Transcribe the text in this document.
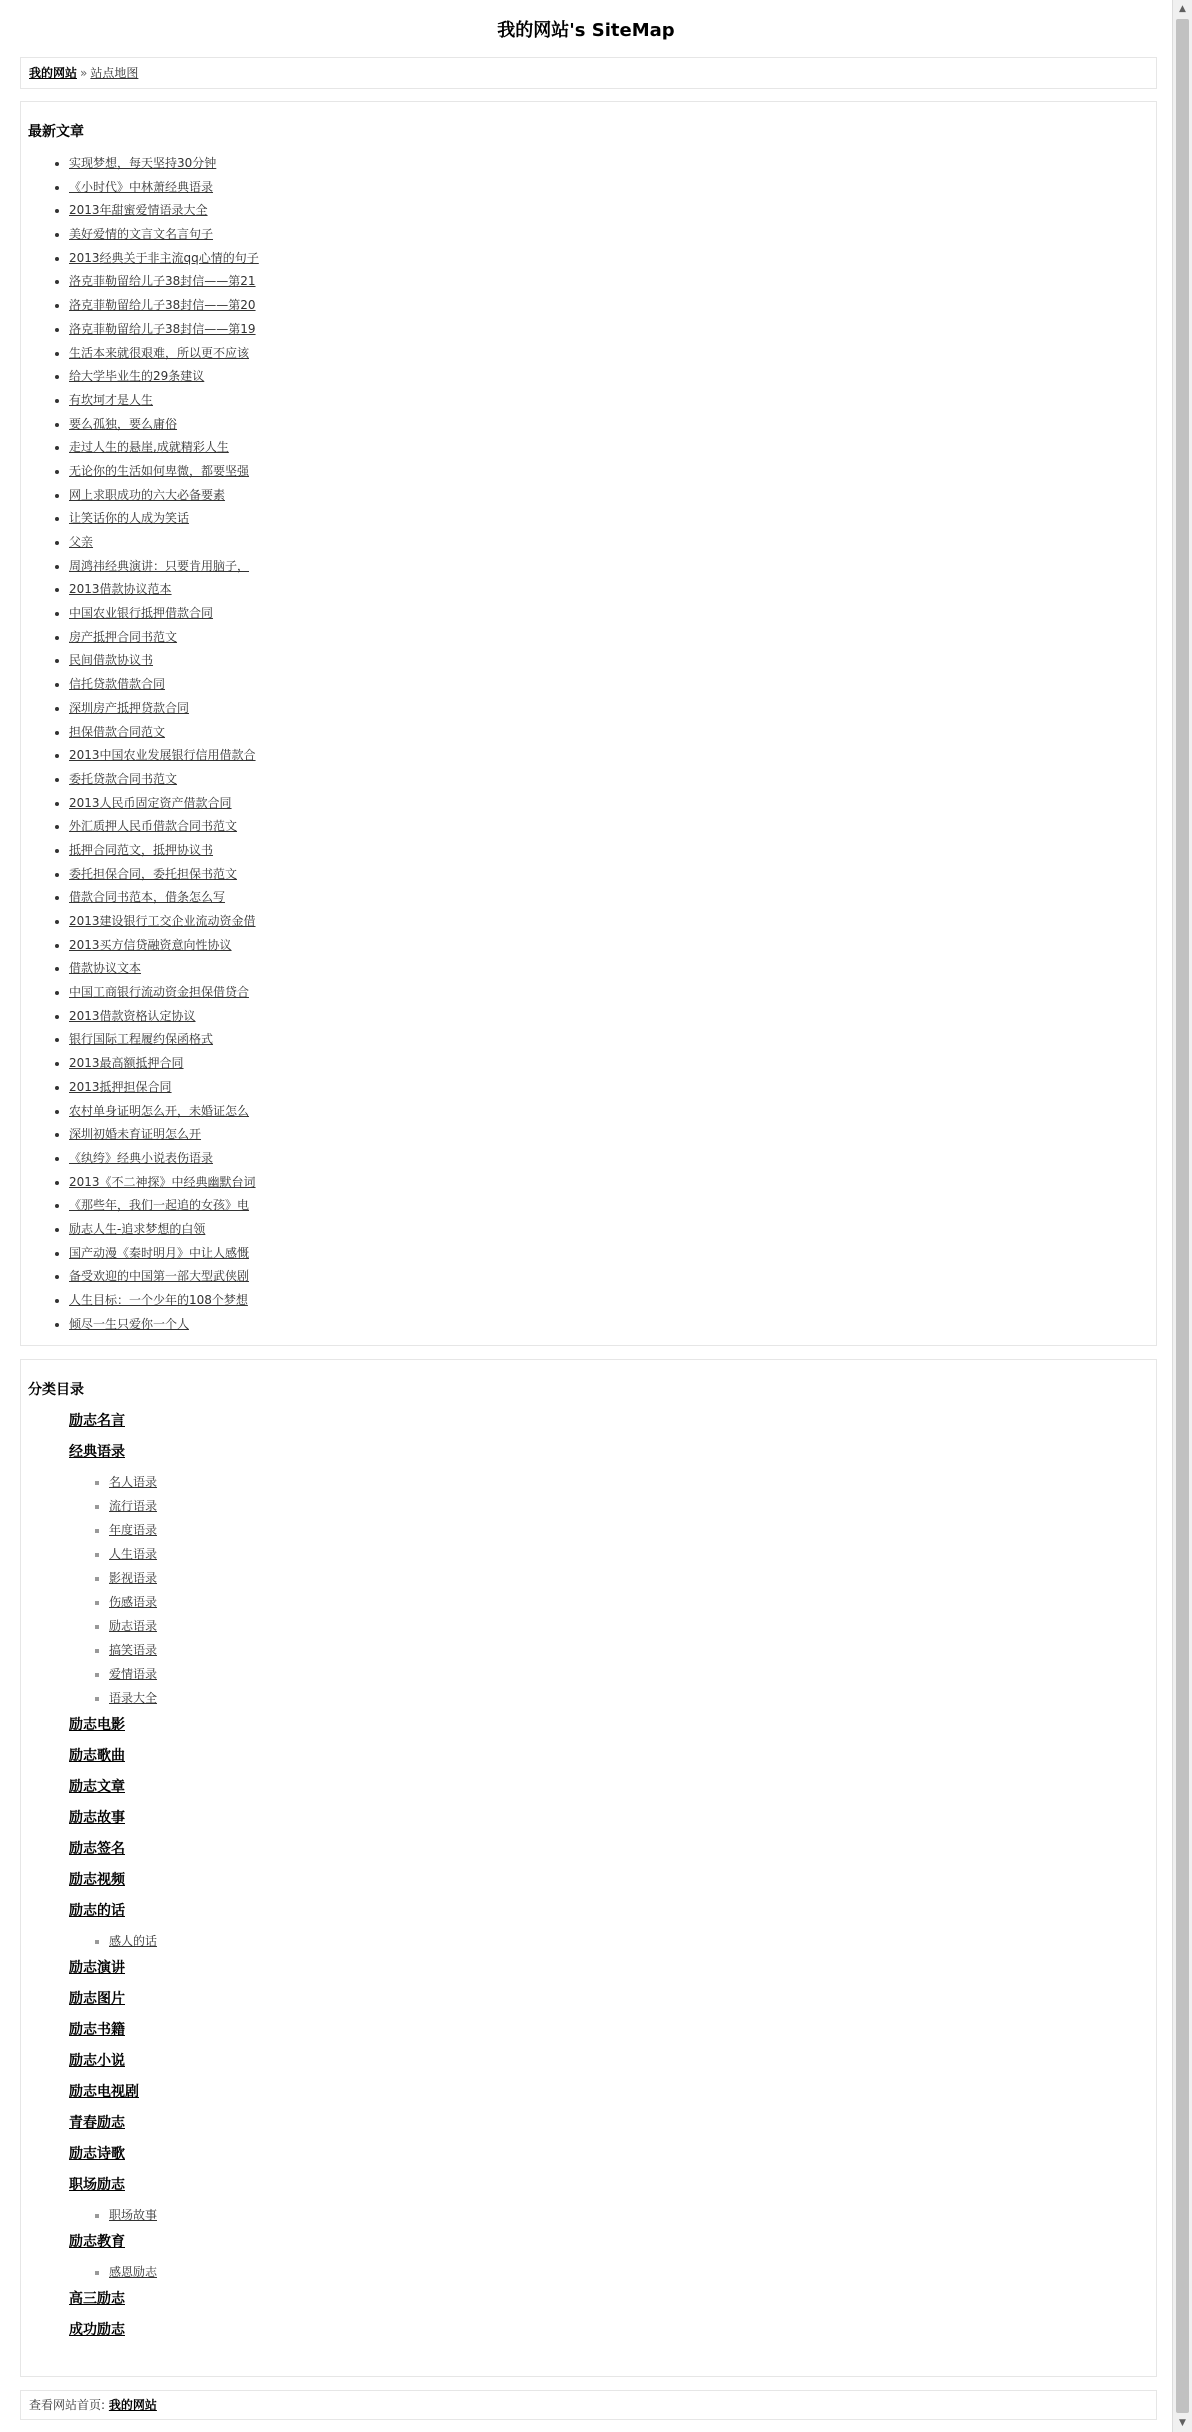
我的网站's SiteMap
我的网站 » 站点地图
最新文章
• 实现梦想，每天坚持30分钟
• 《小时代》中林萧经典语录
• 2013年甜蜜爱情语录大全
• 美好爱情的文言文名言句子
• 2013经典关于非主流qq心情的句子
• 洛克菲勒留给儿子38封信——第21
• 洛克菲勒留给儿子38封信——第20
• 洛克菲勒留给儿子38封信——第19
• 生活本来就很艰难，所以更不应该
• 给大学毕业生的29条建议
• 有坎坷才是人生
• 要么孤独，要么庸俗
• 走过人生的悬崖,成就精彩人生
• 无论你的生活如何卑微，都要坚强
• 网上求职成功的六大必备要素
• 让笑话你的人成为笑话
• 父亲
• 周鸿祎经典演讲：只要肯用脑子，
• 2013借款协议范本
• 中国农业银行抵押借款合同
• 房产抵押合同书范文
• 民间借款协议书
• 信托贷款借款合同
• 深圳房产抵押贷款合同
• 担保借款合同范文
• 2013中国农业发展银行信用借款合
• 委托贷款合同书范文
• 2013人民币固定资产借款合同
• 外汇质押人民币借款合同书范文
• 抵押合同范文，抵押协议书
• 委托担保合同，委托担保书范文
• 借款合同书范本，借条怎么写
• 2013建设银行工交企业流动资金借
• 2013买方信贷融资意向性协议
• 借款协议文本
• 中国工商银行流动资金担保借贷合
• 2013借款资格认定协议
• 银行国际工程履约保函格式
• 2013最高额抵押合同
• 2013抵押担保合同
• 农村单身证明怎么开，未婚证怎么
• 深圳初婚未育证明怎么开
• 《纨绔》经典小说表伤语录
• 2013《不二神探》中经典幽默台词
• 《那些年，我们一起追的女孩》电
• 励志人生-追求梦想的白领
• 国产动漫《秦时明月》中让人感慨
• 备受欢迎的中国第一部大型武侠剧
• 人生目标：一个少年的108个梦想
• 倾尽一生只爱你一个人
分类目录
励志名言
经典语录
▪ 名人语录
▪ 流行语录
▪ 年度语录
▪ 人生语录
▪ 影视语录
▪ 伤感语录
▪ 励志语录
▪ 搞笑语录
▪ 爱情语录
▪ 语录大全
励志电影
励志歌曲
励志文章
励志故事
励志签名
励志视频
励志的话
▪ 感人的话
励志演讲
励志图片
励志书籍
励志小说
励志电视剧
青春励志
励志诗歌
职场励志
▪ 职场故事
励志教育
▪ 感恩励志
高三励志
成功励志
查看网站首页: 我的网站
▲
▼
